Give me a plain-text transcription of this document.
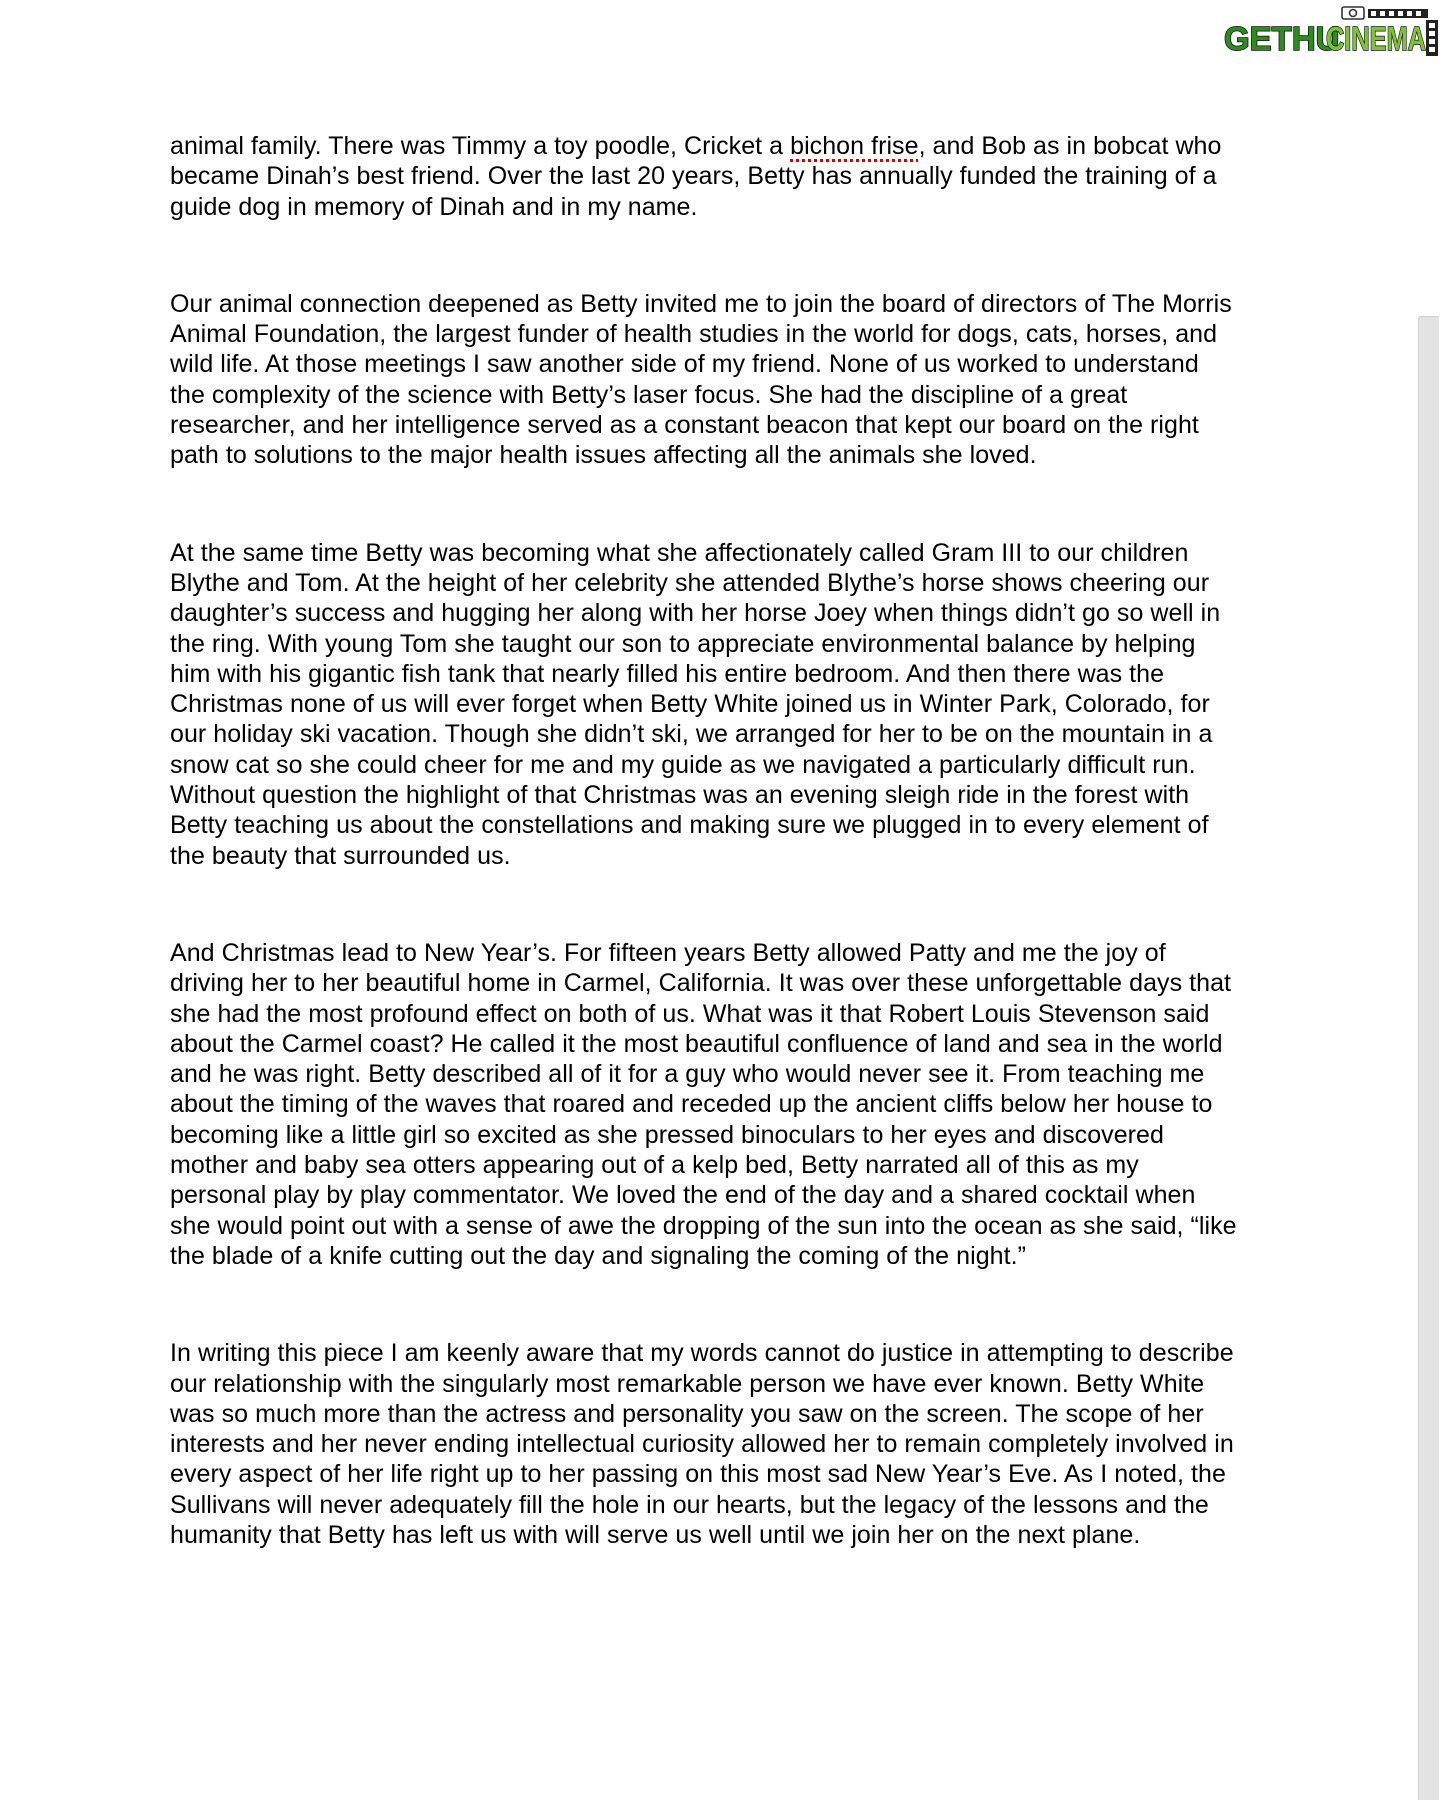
GETHU
CINEMA

animal family. There was Timmy a toy poodle, Cricket a bichon frise, and Bob as in bobcat who
became Dinah’s best friend. Over the last 20 years, Betty has annually funded the training of a
guide dog in memory of Dinah and in my name.

Our animal connection deepened as Betty invited me to join the board of directors of The Morris
Animal Foundation, the largest funder of health studies in the world for dogs, cats, horses, and
wild life. At those meetings I saw another side of my friend. None of us worked to understand
the complexity of the science with Betty’s laser focus. She had the discipline of a great
researcher, and her intelligence served as a constant beacon that kept our board on the right
path to solutions to the major health issues affecting all the animals she loved.

At the same time Betty was becoming what she affectionately called Gram III to our children
Blythe and Tom. At the height of her celebrity she attended Blythe’s horse shows cheering our
daughter’s success and hugging her along with her horse Joey when things didn’t go so well in
the ring. With young Tom she taught our son to appreciate environmental balance by helping
him with his gigantic fish tank that nearly filled his entire bedroom. And then there was the
Christmas none of us will ever forget when Betty White joined us in Winter Park, Colorado, for
our holiday ski vacation. Though she didn’t ski, we arranged for her to be on the mountain in a
snow cat so she could cheer for me and my guide as we navigated a particularly difficult run.
Without question the highlight of that Christmas was an evening sleigh ride in the forest with
Betty teaching us about the constellations and making sure we plugged in to every element of
the beauty that surrounded us.

And Christmas lead to New Year’s. For fifteen years Betty allowed Patty and me the joy of
driving her to her beautiful home in Carmel, California. It was over these unforgettable days that
she had the most profound effect on both of us. What was it that Robert Louis Stevenson said
about the Carmel coast? He called it the most beautiful confluence of land and sea in the world
and he was right. Betty described all of it for a guy who would never see it. From teaching me
about the timing of the waves that roared and receded up the ancient cliffs below her house to
becoming like a little girl so excited as she pressed binoculars to her eyes and discovered
mother and baby sea otters appearing out of a kelp bed, Betty narrated all of this as my
personal play by play commentator. We loved the end of the day and a shared cocktail when
she would point out with a sense of awe the dropping of the sun into the ocean as she said, “like
the blade of a knife cutting out the day and signaling the coming of the night.”

In writing this piece I am keenly aware that my words cannot do justice in attempting to describe
our relationship with the singularly most remarkable person we have ever known. Betty White
was so much more than the actress and personality you saw on the screen. The scope of her
interests and her never ending intellectual curiosity allowed her to remain completely involved in
every aspect of her life right up to her passing on this most sad New Year’s Eve. As I noted, the
Sullivans will never adequately fill the hole in our hearts, but the legacy of the lessons and the
humanity that Betty has left us with will serve us well until we join her on the next plane.
